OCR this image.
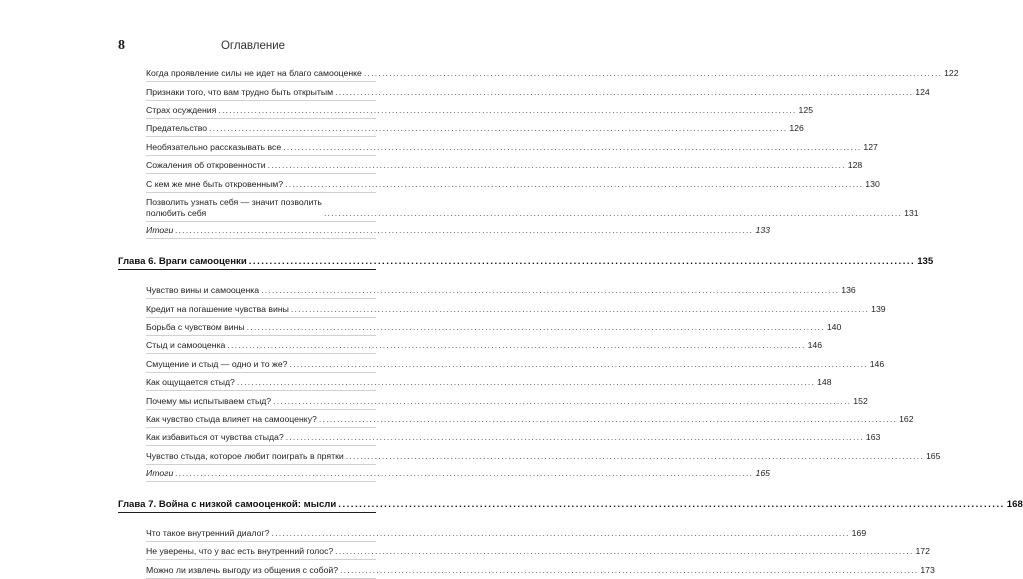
8	Оглавление
Когда проявление силы не идет на благо самооценке ................................................................................................................................................................ 122
Признаки того, что вам трудно быть открытым ................................................................................................................................................................ 124
Страх осуждения ................................................................................................................................................................ 125
Предательство ................................................................................................................................................................ 126
Необязательно рассказывать все ................................................................................................................................................................ 127
Сожаления об откровенности ................................................................................................................................................................ 128
С кем же мне быть откровенным? ................................................................................................................................................................ 130
Позволить узнать себя — значит позволить
полюбить себя	................................................................................................................................................................ 131
Итоги ................................................................................................................................................................ 133
Глава 6. Враги самооценки ................................................................................................................................................................ 135
Чувство вины и самооценка ................................................................................................................................................................ 136
Кредит на погашение чувства вины ................................................................................................................................................................ 139
Борьба с чувством вины ................................................................................................................................................................ 140
Стыд и самооценка ................................................................................................................................................................ 146
Смущение и стыд — одно и то же? ................................................................................................................................................................ 146
Как ощущается стыд? ................................................................................................................................................................ 148
Почему мы испытываем стыд? ................................................................................................................................................................ 152
Как чувство стыда влияет на самооценку? ................................................................................................................................................................ 162
Как избавиться от чувства стыда? ................................................................................................................................................................ 163
Чувство стыда, которое любит поиграть в прятки ................................................................................................................................................................ 165
Итоги ................................................................................................................................................................ 165
Глава 7. Война с низкой самооценкой: мысли ................................................................................................................................................................ 168
Что такое внутренний диалог? ................................................................................................................................................................ 169
Не уверены, что у вас есть внутренний голос? ................................................................................................................................................................ 172
Можно ли извлечь выгоду из общения с собой? ................................................................................................................................................................ 173
